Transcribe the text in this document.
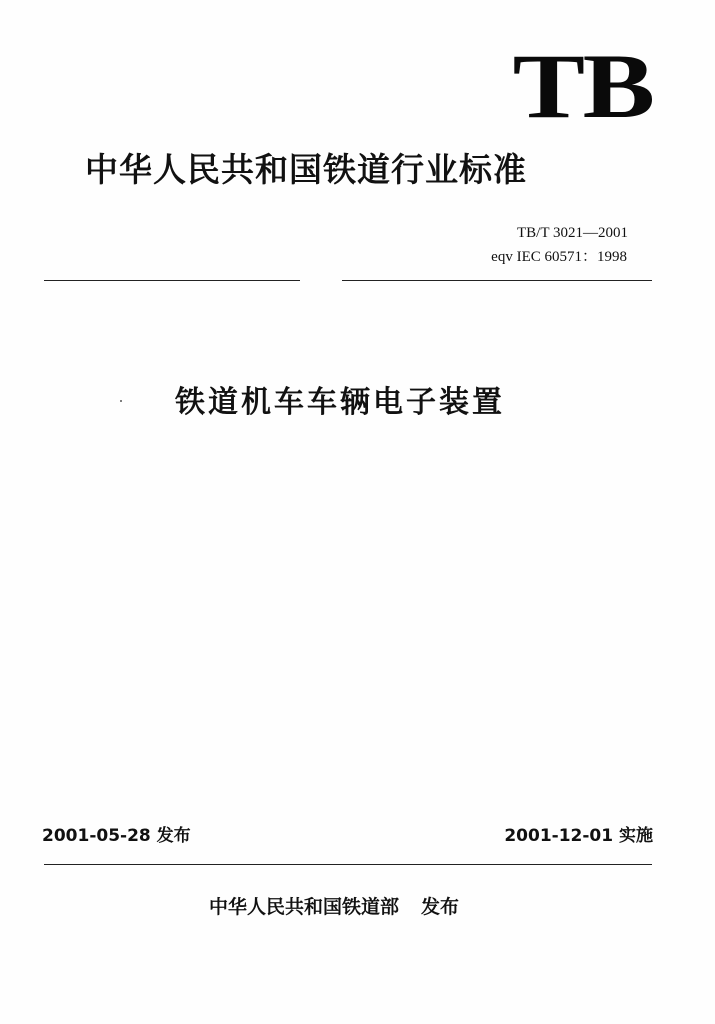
TB
中华人民共和国铁道行业标准
TB/T 3021—2001
eqv IEC 60571：1998
铁道机车车辆电子装置
2001-05-28 发布	2001-12-01 实施
中华人民共和国铁道部 发布
